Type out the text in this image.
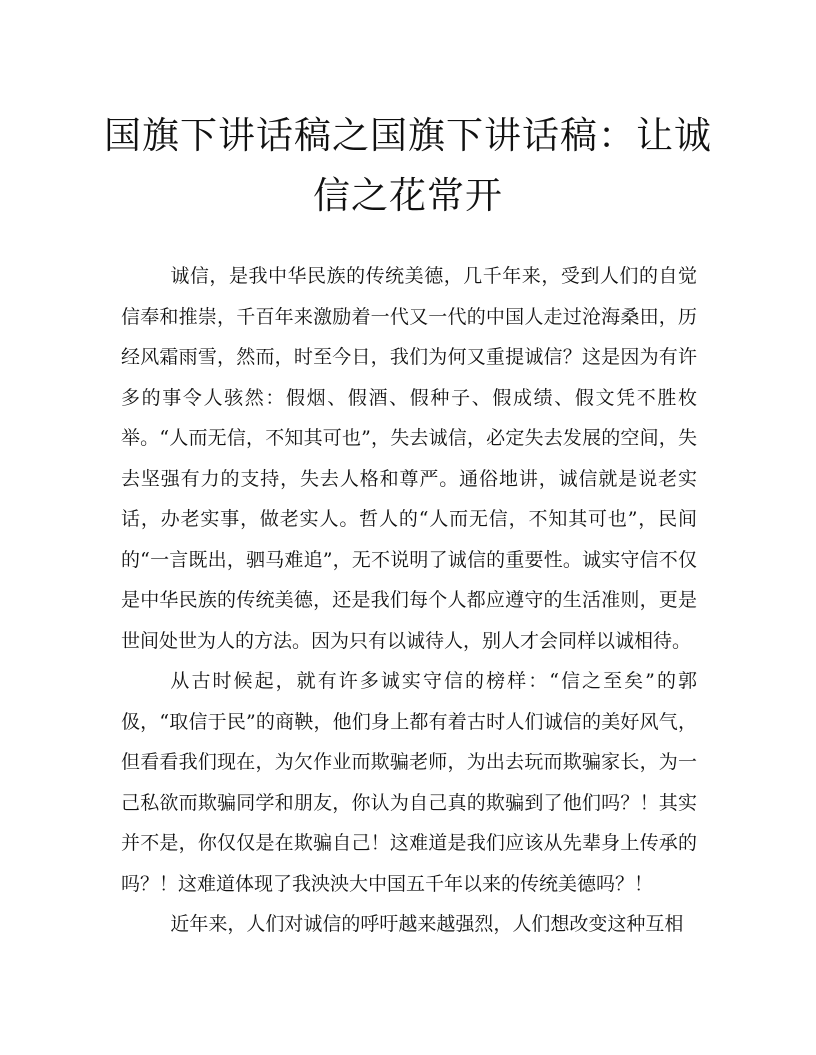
国旗下讲话稿之国旗下讲话稿：让诚信之花常开

诚信，是我中华民族的传统美德，几千年来，受到人们的自觉信奉和推崇，千百年来激励着一代又一代的中国人走过沧海桑田，历经风霜雨雪，然而，时至今日，我们为何又重提诚信？这是因为有许多的事令人骇然：假烟、假酒、假种子、假成绩、假文凭不胜枚举。“人而无信，不知其可也”，失去诚信，必定失去发展的空间，失去坚强有力的支持，失去人格和尊严。通俗地讲，诚信就是说老实话，办老实事，做老实人。哲人的“人而无信，不知其可也”，民间的“一言既出，驷马难追”，无不说明了诚信的重要性。诚实守信不仅是中华民族的传统美德，还是我们每个人都应遵守的生活准则，更是世间处世为人的方法。因为只有以诚待人，别人才会同样以诚相待。

从古时候起，就有许多诚实守信的榜样：“信之至矣”的郭伋，“取信于民”的商鞅，他们身上都有着古时人们诚信的美好风气，但看看我们现在，为欠作业而欺骗老师，为出去玩而欺骗家长，为一己私欲而欺骗同学和朋友，你认为自己真的欺骗到了他们吗？！其实并不是，你仅仅是在欺骗自己！这难道是我们应该从先辈身上传承的吗？！这难道体现了我泱泱大中国五千年以来的传统美德吗？！

近年来，人们对诚信的呼吁越来越强烈，人们想改变这种互相
